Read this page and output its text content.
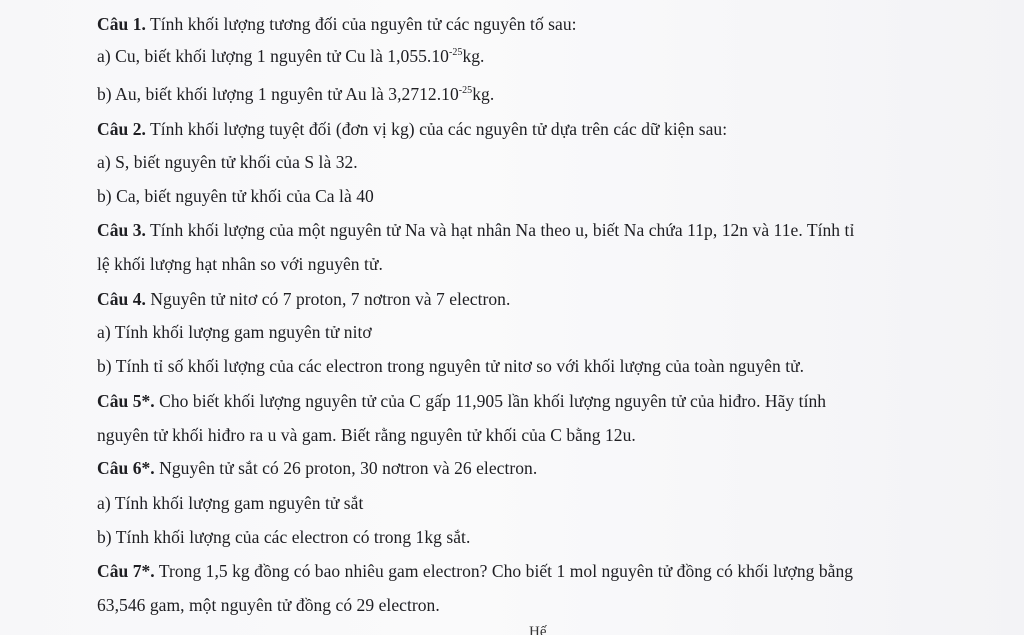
Câu 1. Tính khối lượng tương đối của nguyên tử các nguyên tố sau:
a) Cu, biết khối lượng 1 nguyên tử Cu là $1,055.10^{-25}kg$.
b) Au, biết khối lượng 1 nguyên tử Au là $3,2712.10^{-25}kg$.
Câu 2. Tính khối lượng tuyệt đối (đơn vị kg) của các nguyên tử dựa trên các dữ kiện sau:
a) S, biết nguyên tử khối của S là 32.
b) Ca, biết nguyên tử khối của Ca là 40
Câu 3. Tính khối lượng của một nguyên tử Na và hạt nhân Na theo u, biết Na chứa 11p, 12n và 11e. Tính tỉ
lệ khối lượng hạt nhân so với nguyên tử.
Câu 4. Nguyên tử nitơ có 7 proton, 7 nơtron và 7 electron.
a) Tính khối lượng gam nguyên tử nitơ
b) Tính tỉ số khối lượng của các electron trong nguyên tử nitơ so với khối lượng của toàn nguyên tử.
Câu 5*. Cho biết khối lượng nguyên tử của C gấp 11,905 lần khối lượng nguyên tử của hiđro. Hãy tính
nguyên tử khối hiđro ra u và gam. Biết rằng nguyên tử khối của C bằng 12u.
Câu 6*. Nguyên tử sắt có 26 proton, 30 nơtron và 26 electron.
a) Tính khối lượng gam nguyên tử sắt
b) Tính khối lượng của các electron có trong 1kg sắt.
Câu 7*. Trong 1,5 kg đồng có bao nhiêu gam electron? Cho biết 1 mol nguyên tử đồng có khối lượng bằng
63,546 gam, một nguyên tử đồng có 29 electron.
Hế
